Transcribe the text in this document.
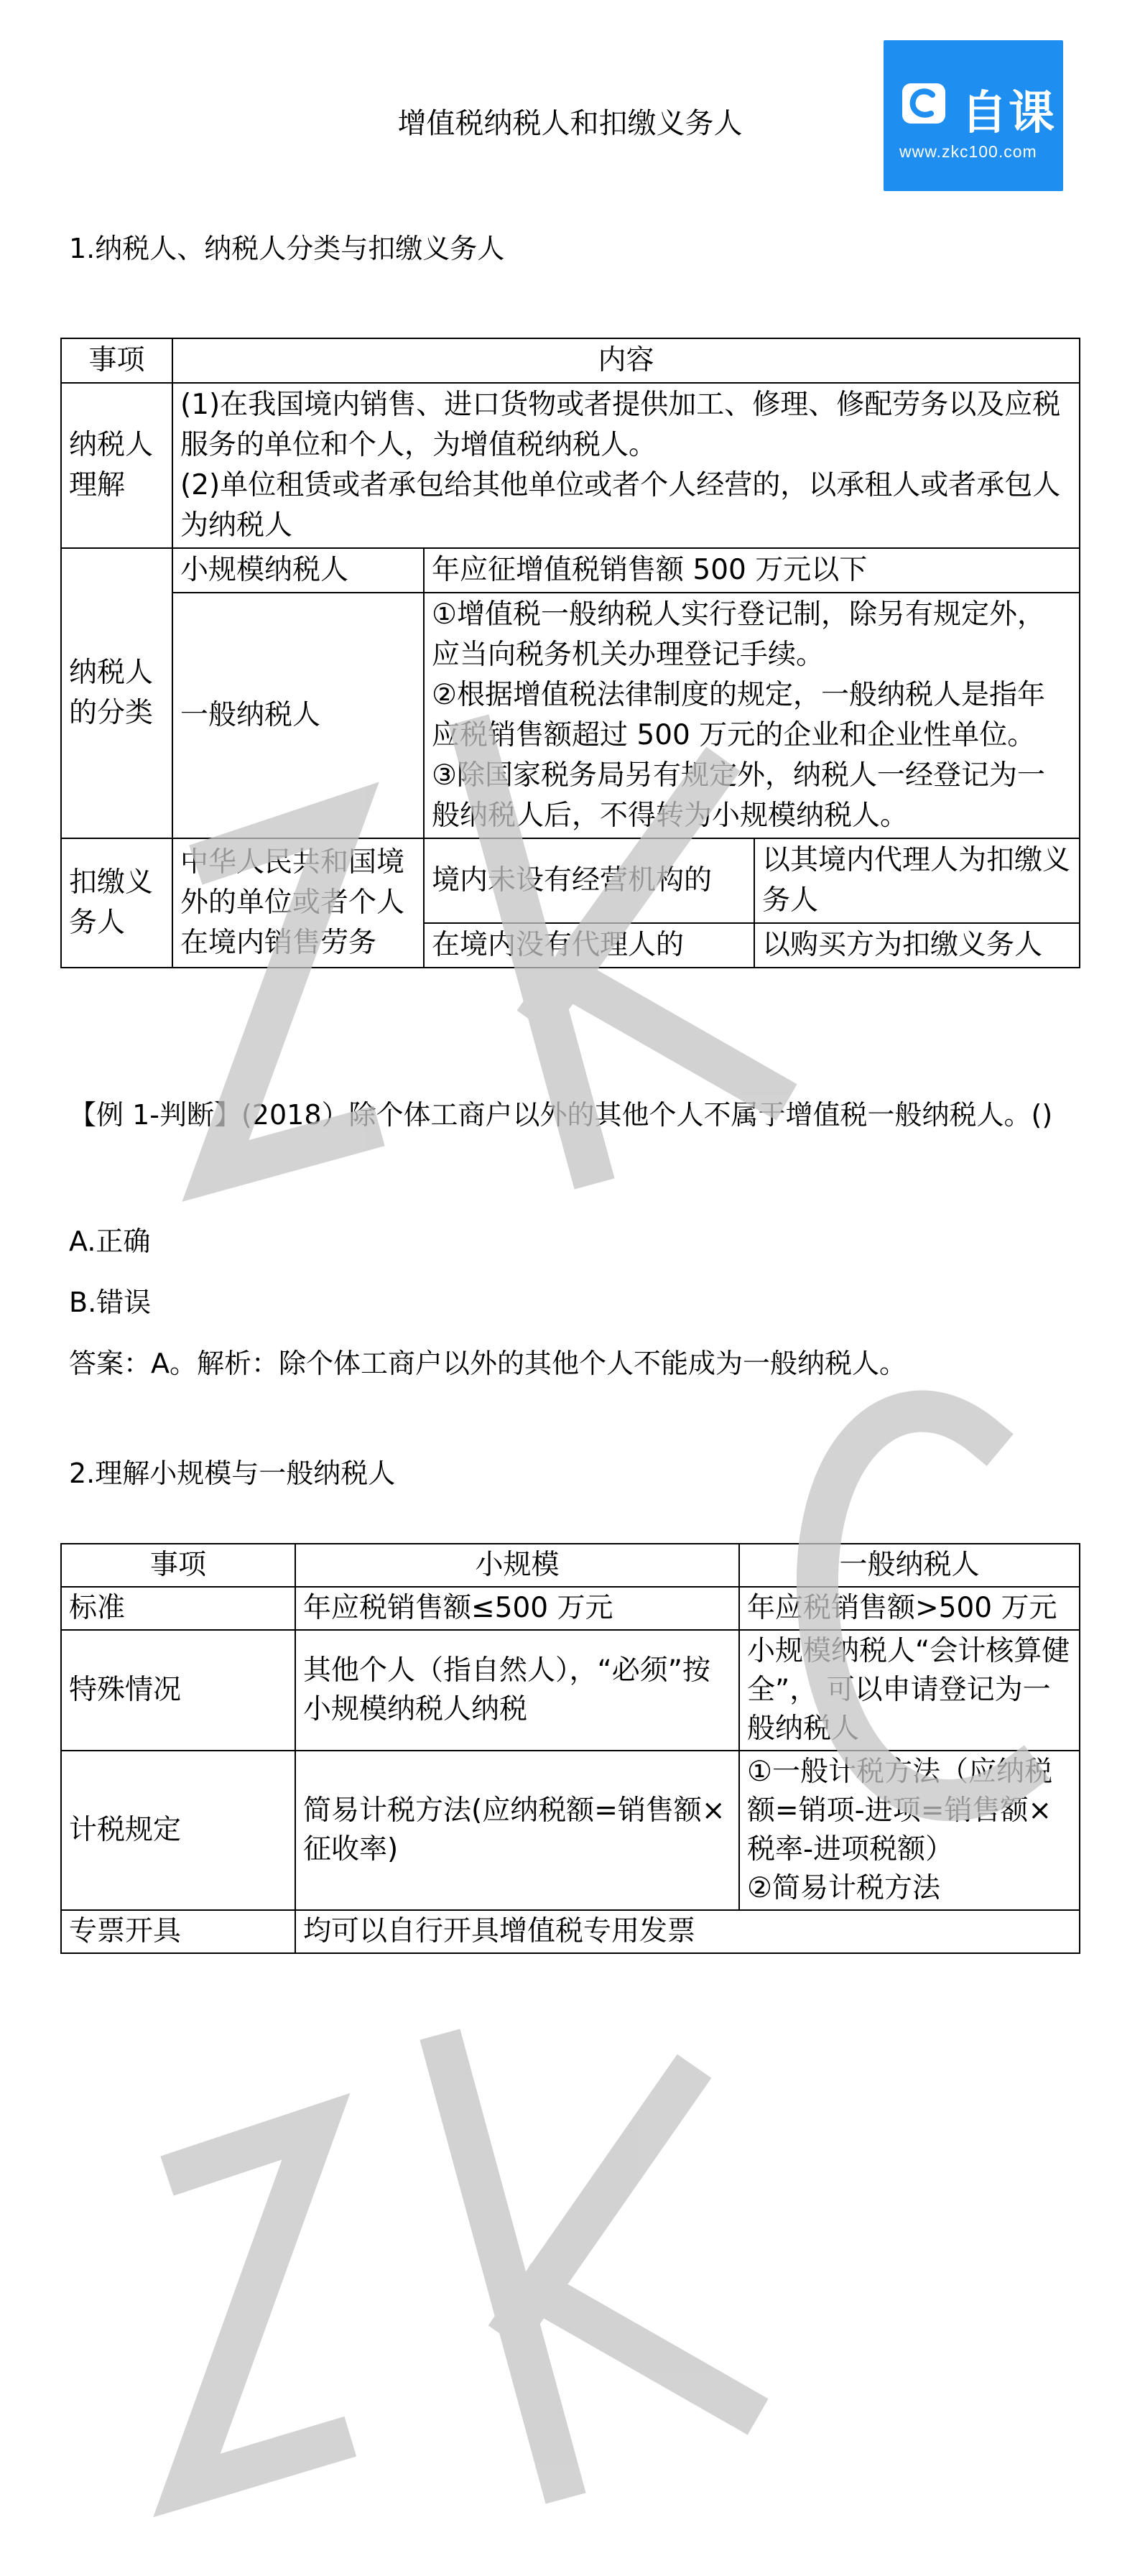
自课
www.zkc100.com
增值税纳税人和扣缴义务人
1.纳税人、纳税人分类与扣缴义务人
事项	内容		
纳税人理解	(1)在我国境内销售、进口货物或者提供加工、修理、修配劳务以及应税服务的单位和个人，为增值税纳税人。
(2)单位租赁或者承包给其他单位或者个人经营的，以承租人或者承包人为纳税人		

纳税人的分类	小规模纳税人	年应征增值税销售额 500 万元以下	
	一般纳税人	①增值税一般纳税人实行登记制，除另有规定外，应当向税务机关办理登记手续。
②根据增值税法律制度的规定，一般纳税人是指年应税销售额超过 500 万元的企业和企业性单位。
③除国家税务局另有规定外，纳税人一经登记为一般纳税人后，不得转为小规模纳税人。	

扣缴义务人	中华人民共和国境外的单位或者个人在境内销售劳务	境内未设有经营机构的	以其境内代理人为扣缴义务人
		在境内没有代理人的	以购买方为扣缴义务人
【例 1-判断】(2018）除个体工商户以外的其他个人不属于增值税一般纳税人。()
A.正确
B.错误
答案：A。解析：除个体工商户以外的其他个人不能成为一般纳税人。
2.理解小规模与一般纳税人
事项	小规模	一般纳税人
标准	年应税销售额≤500 万元	年应税销售额>500 万元
特殊情况	其他个人（指自然人），“必须”按小规模纳税人纳税	小规模纳税人“会计核算健全”， 可以申请登记为一般纳税人
计税规定	简易计税方法(应纳税额=销售额×征收率)	①一般计税方法（应纳税额=销项-进项=销售额×税率-进项税额）
②简易计税方法

专票开具	均可以自行开具增值税专用发票	
